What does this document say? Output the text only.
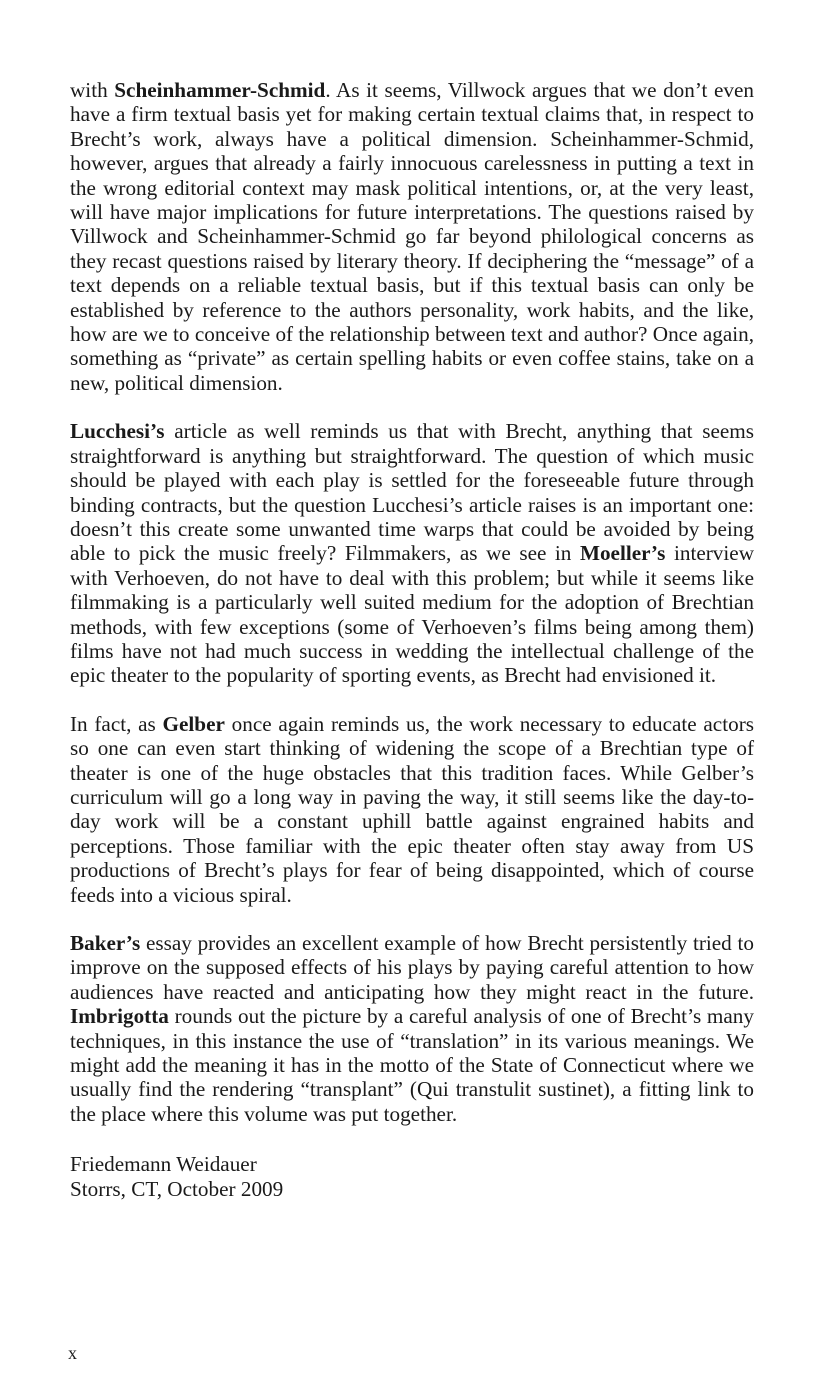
with Scheinhammer-Schmid. As it seems, Villwock argues that we don’t even have a firm textual basis yet for making certain textual claims that, in respect to Brecht’s work, always have a political dimension. Scheinhammer-Schmid, however, argues that already a fairly innocuous carelessness in putting a text in the wrong editorial context may mask political intentions, or, at the very least, will have major implications for future interpretations. The questions raised by Villwock and Scheinhammer-Schmid go far beyond philological concerns as they recast questions raised by literary theory. If deciphering the “message” of a text depends on a reliable textual basis, but if this textual basis can only be established by reference to the authors personality, work habits, and the like, how are we to conceive of the relationship between text and author? Once again, something as “private” as certain spelling habits or even coffee stains, take on a new, political dimension.

Lucchesi’s article as well reminds us that with Brecht, anything that seems straightforward is anything but straightforward. The question of which music should be played with each play is settled for the foreseeable future through binding contracts, but the question Lucchesi’s article raises is an important one: doesn’t this create some unwanted time warps that could be avoided by being able to pick the music freely? Filmmakers, as we see in Moeller’s interview with Verhoeven, do not have to deal with this problem; but while it seems like filmmaking is a particularly well suited medium for the adoption of Brechtian methods, with few exceptions (some of Verhoeven’s films being among them) films have not had much success in wedding the intellectual challenge of the epic theater to the popularity of sporting events, as Brecht had envisioned it.

In fact, as Gelber once again reminds us, the work necessary to educate actors so one can even start thinking of widening the scope of a Brechtian type of theater is one of the huge obstacles that this tradition faces. While Gelber’s curriculum will go a long way in paving the way, it still seems like the day-to-day work will be a constant uphill battle against engrained habits and perceptions. Those familiar with the epic theater often stay away from US productions of Brecht’s plays for fear of being disappointed, which of course feeds into a vicious spiral.

Baker’s essay provides an excellent example of how Brecht persistently tried to improve on the supposed effects of his plays by paying careful attention to how audiences have reacted and anticipating how they might react in the future. Imbrigotta rounds out the picture by a careful analysis of one of Brecht’s many techniques, in this instance the use of “translation” in its various meanings. We might add the meaning it has in the motto of the State of Connecticut where we usually find the rendering “transplant” (Qui transtulit sustinet), a fitting link to the place where this volume was put together.

Friedemann Weidauer
Storrs, CT, October 2009
x
